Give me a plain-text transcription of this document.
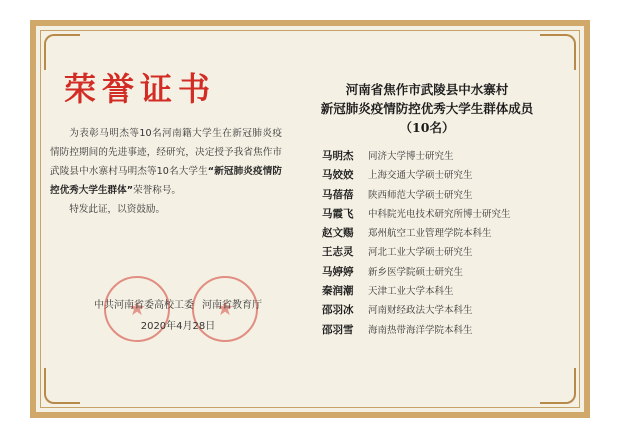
荣誉证书

为表彰马明杰等10名河南籍大学生在新冠肺炎疫情防控期间的先进事迹，经研究，决定授予我省焦作市武陵县中水寨村马明杰等10名大学生“新冠肺炎疫情防控优秀大学生群体”荣誉称号。

特发此证，以资鼓励。

★
★
中共河南省委高校工委 河南省教育厅
2020年4月28日
河南省焦作市武陵县中水寨村
新冠肺炎疫情防控优秀大学生群体成员
（10名）
马明杰 同济大学博士研究生
马姣姣 上海交通大学硕士研究生
马蓓蓓 陕西师范大学硕士研究生
马霞飞 中科院光电技术研究所博士研究生
赵文赐 郑州航空工业管理学院本科生
王志灵 河北工业大学硕士研究生
马婷婷 新乡医学院硕士研究生
秦润潮 天津工业大学本科生
邵羽冰 河南财经政法大学本科生
邵羽雪 海南热带海洋学院本科生
